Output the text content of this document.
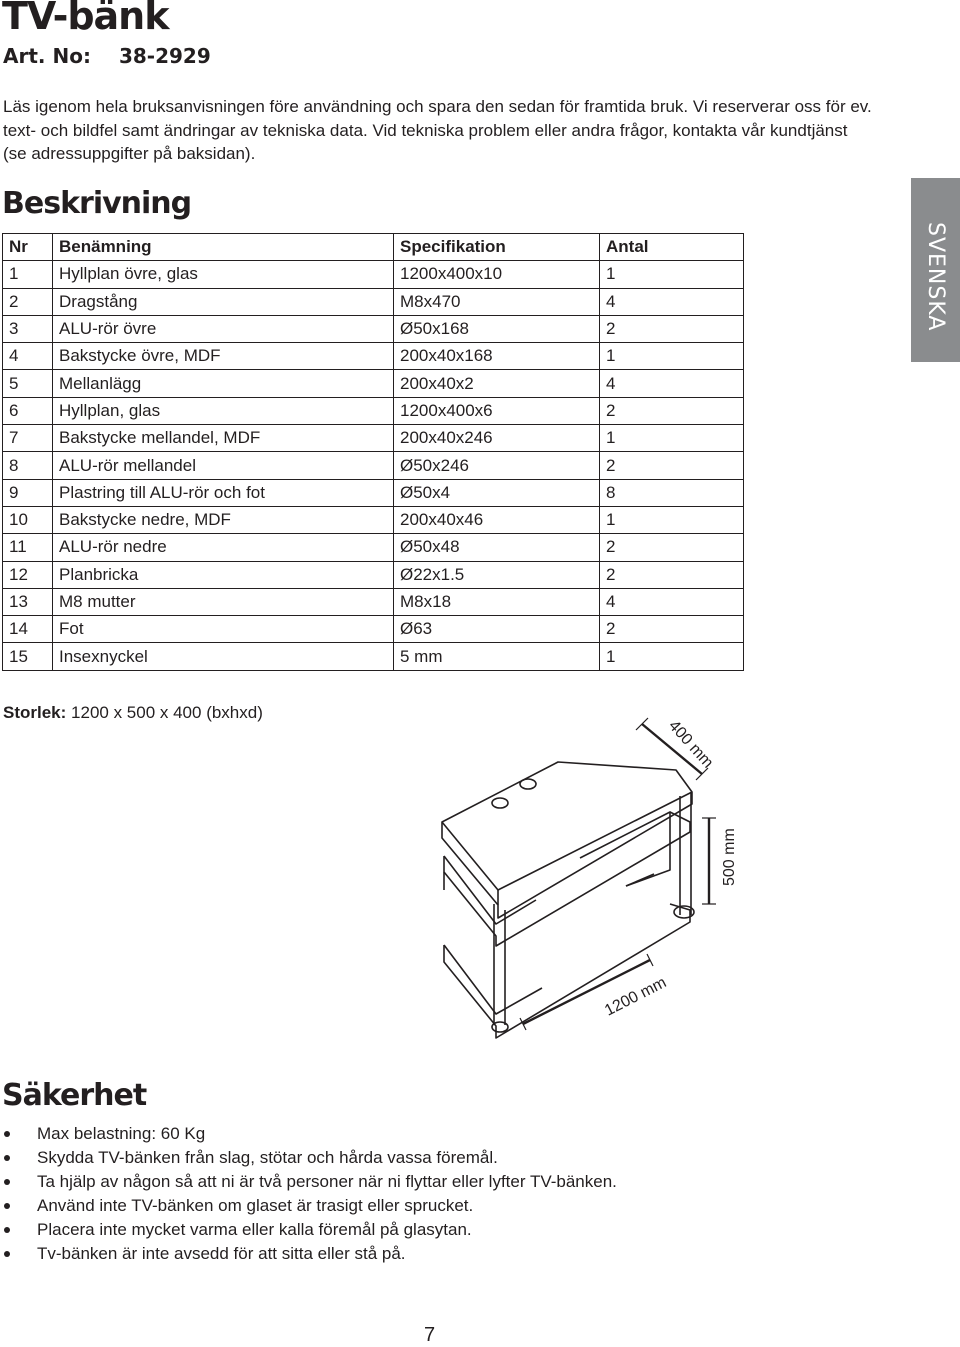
TV-bänk
Art. No: 38-2929
Läs igenom hela bruksanvisningen före användning och spara den sedan för framtida bruk. Vi reserverar oss för ev. text- och bildfel samt ändringar av tekniska data. Vid tekniska problem eller andra frågor, kontakta vår kundtjänst (se adressuppgifter på baksidan).
SVENSKA
Beskrivning
Nr	Benämning	Specifikation	Antal
1	Hyllplan övre, glas	1200x400x10	1
2	Dragstång	M8x470	4
3	ALU-rör övre	Ø50x168	2
4	Bakstycke övre, MDF	200x40x168	1
5	Mellanlägg	200x40x2	4
6	Hyllplan, glas	1200x400x6	2
7	Bakstycke mellandel, MDF	200x40x246	1
8	ALU-rör mellandel	Ø50x246	2
9	Plastring till ALU-rör och fot	Ø50x4	8
10	Bakstycke nedre, MDF	200x40x46	1
11	ALU-rör nedre	Ø50x48	2
12	Planbricka	Ø22x1.5	2
13	M8 mutter	M8x18	4
14	Fot	Ø63	2
15	Insexnyckel	5 mm	1
Storlek: 1200 x 500 x 400 (bxhxd)
400 mm
500 mm
1200 mm
Säkerhet
Max belastning: 60 Kg
Skydda TV-bänken från slag, stötar och hårda vassa föremål.
Ta hjälp av någon så att ni är två personer när ni flyttar eller lyfter TV-bänken.
Använd inte TV-bänken om glaset är trasigt eller sprucket.
Placera inte mycket varma eller kalla föremål på glasytan.
Tv-bänken är inte avsedd för att sitta eller stå på.
7
